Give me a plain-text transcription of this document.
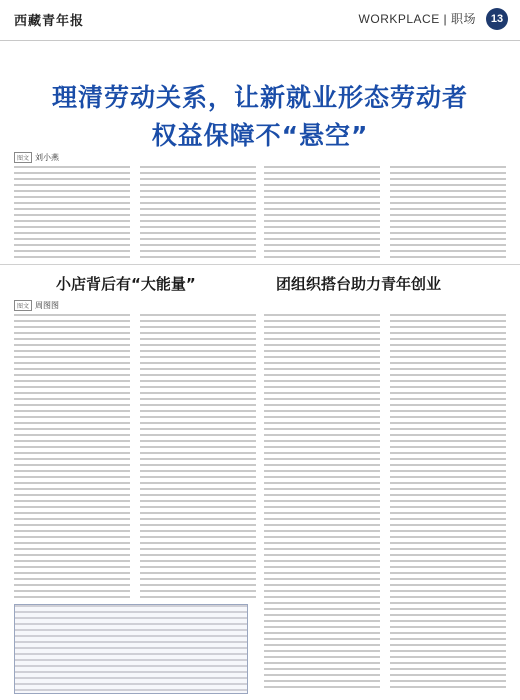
西藏青年报	WORKPLACE | 职场	13
理清劳动关系，让新就业形态劳动者
权益保障不“悬空”
图文 刘小燕
小店背后有“大能量”	团组织搭台助力青年创业
图文 周图图
